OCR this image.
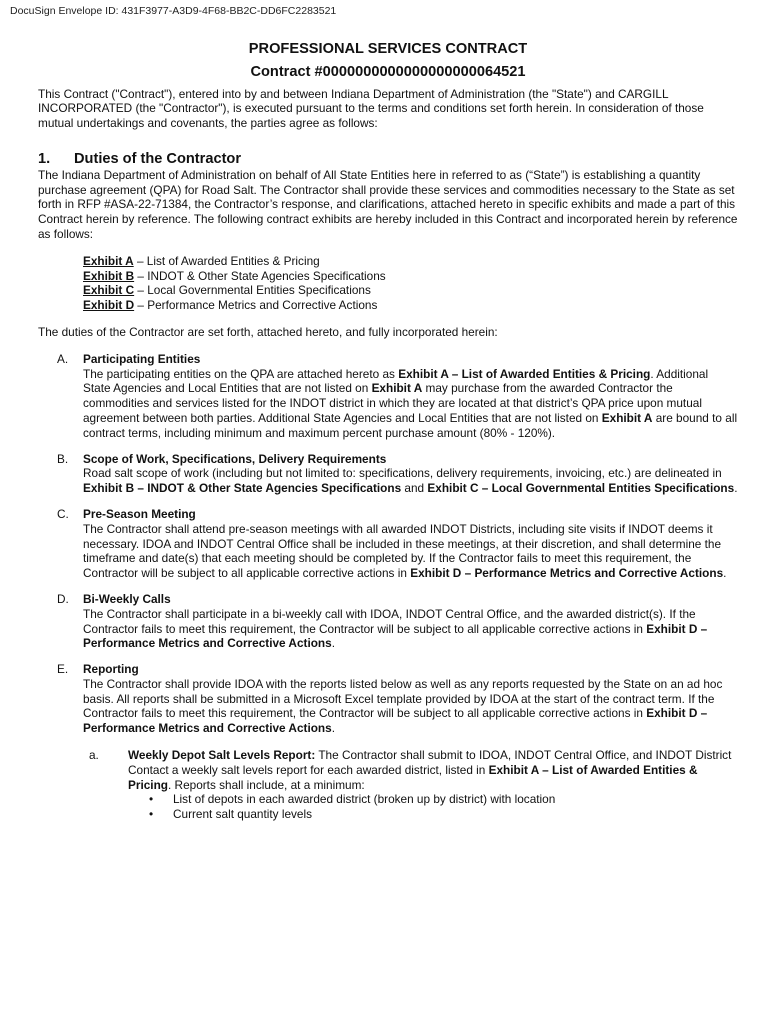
DocuSign Envelope ID: 431F3977-A3D9-4F68-BB2C-DD6FC2283521
PROFESSIONAL SERVICES CONTRACT
Contract #0000000000000000000064521

This Contract ("Contract"), entered into by and between Indiana Department of Administration (the "State") and CARGILL INCORPORATED (the "Contractor"), is executed pursuant to the terms and conditions set forth herein. In consideration of those mutual undertakings and covenants, the parties agree as follows:

1. Duties of the Contractor

The Indiana Department of Administration on behalf of All State Entities here in referred to as (“State”) is establishing a quantity purchase agreement (QPA) for Road Salt. The Contractor shall provide these services and commodities necessary to the State as set forth in RFP #ASA-22-71384, the Contractor’s response, and clarifications, attached hereto in specific exhibits and made a part of this Contract herein by reference. The following contract exhibits are hereby included in this Contract and incorporated herein by reference as follows:

Exhibit A – List of Awarded Entities & Pricing
Exhibit B – INDOT & Other State Agencies Specifications
Exhibit C – Local Governmental Entities Specifications
Exhibit D – Performance Metrics and Corrective Actions

The duties of the Contractor are set forth, attached hereto, and fully incorporated herein:

A.	Participating Entities

The participating entities on the QPA are attached hereto as Exhibit A – List of Awarded Entities & Pricing. Additional State Agencies and Local Entities that are not listed on Exhibit A may purchase from the awarded Contractor the commodities and services listed for the INDOT district in which they are located at that district’s QPA price upon mutual agreement between both parties. Additional State Agencies and Local Entities that are not listed on Exhibit A are bound to all contract terms, including minimum and maximum percent purchase amount (80% - 120%).

B.	Scope of Work, Specifications, Delivery Requirements

Road salt scope of work (including but not limited to: specifications, delivery requirements, invoicing, etc.) are delineated in Exhibit B – INDOT & Other State Agencies Specifications and Exhibit C – Local Governmental Entities Specifications.

C.	Pre-Season Meeting

The Contractor shall attend pre-season meetings with all awarded INDOT Districts, including site visits if INDOT deems it necessary. IDOA and INDOT Central Office shall be included in these meetings, at their discretion, and shall determine the timeframe and date(s) that each meeting should be completed by. If the Contractor fails to meet this requirement, the Contractor will be subject to all applicable corrective actions in Exhibit D – Performance Metrics and Corrective Actions.

D.	Bi-Weekly Calls

The Contractor shall participate in a bi-weekly call with IDOA, INDOT Central Office, and the awarded district(s). If the Contractor fails to meet this requirement, the Contractor will be subject to all applicable corrective actions in Exhibit D – Performance Metrics and Corrective Actions.

E.	Reporting

The Contractor shall provide IDOA with the reports listed below as well as any reports requested by the State on an ad hoc basis. All reports shall be submitted in a Microsoft Excel template provided by IDOA at the start of the contract term. If the Contractor fails to meet this requirement, the Contractor will be subject to all applicable corrective actions in Exhibit D – Performance Metrics and Corrective Actions.

a.	Weekly Depot Salt Levels Report: The Contractor shall submit to IDOA, INDOT Central Office, and INDOT District Contact a weekly salt levels report for each awarded district, listed in Exhibit A – List of Awarded Entities & Pricing. Reports shall include, at a minimum:

• List of depots in each awarded district (broken up by district) with location
• Current salt quantity levels
